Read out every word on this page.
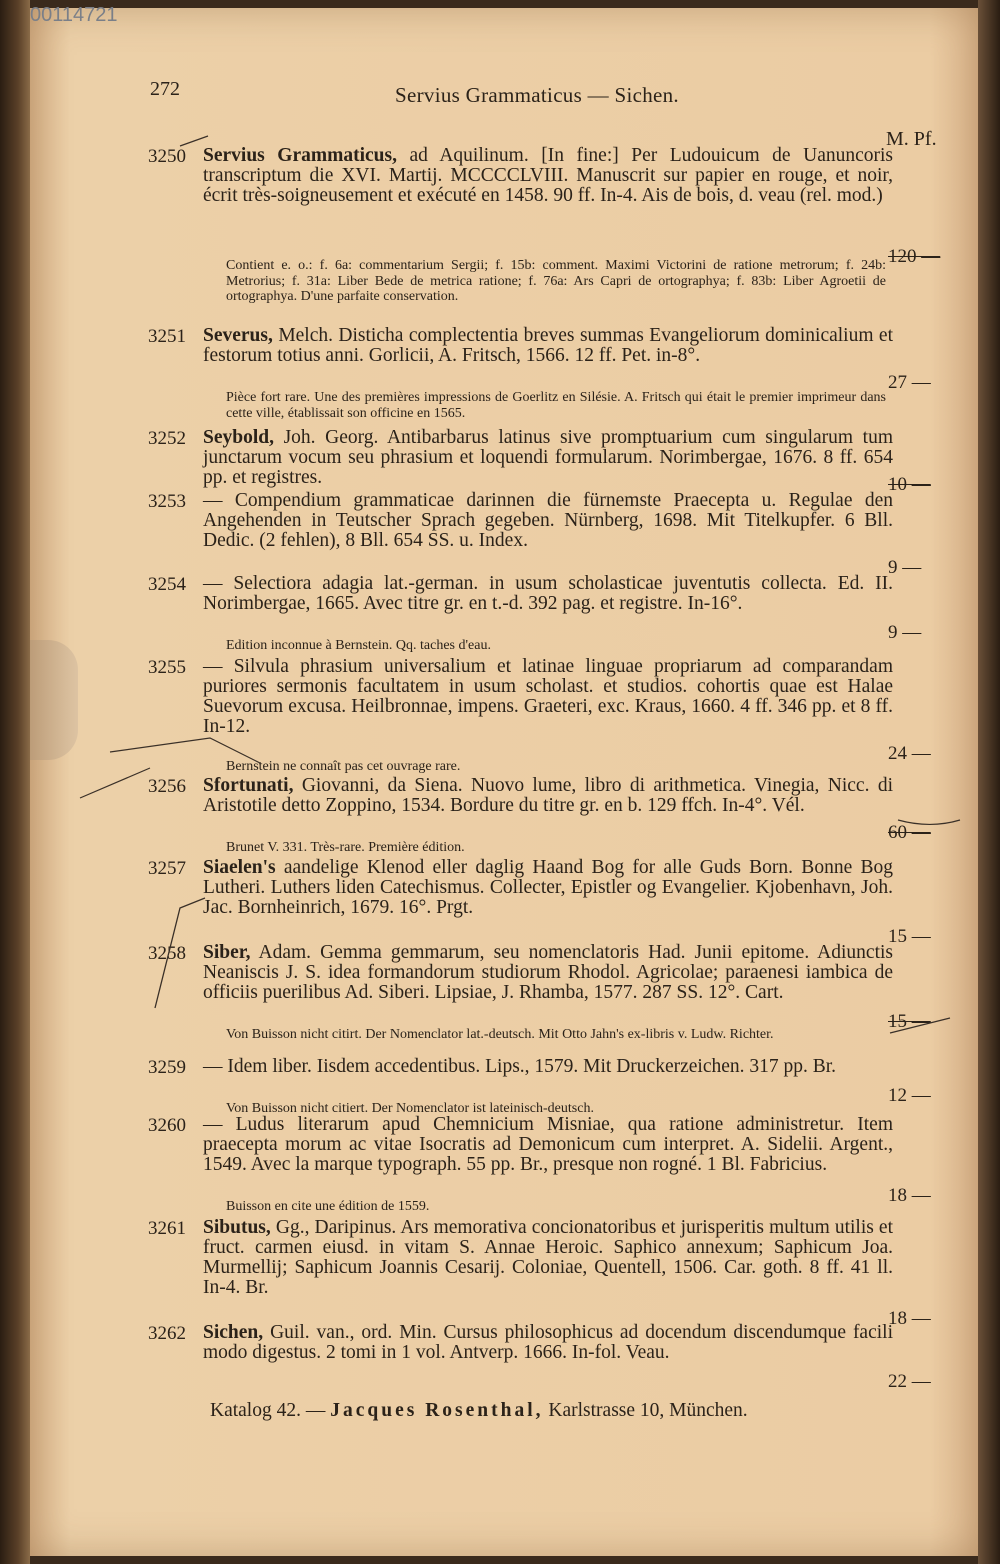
00114721
272	Servius Grammaticus — Sichen.
M. Pf.
3250 Servius Grammaticus, ad Aquilinum. [In fine:] Per Ludouicum de Uanuncoris transcriptum die XVI. Martij. MCCCCLVIII. Manuscrit sur papier en rouge, et noir, écrit très-soigneusement et exécuté en 1458. 90 ff. In-4. Ais de bois, d. veau (rel. mod.)
Contient e. o.: f. 6a: commentarium Sergii; f. 15b: comment. Maximi Victorini de ratione metrorum; f. 24b: Metrorius; f. 31a: Liber Bede de metrica ratione; f. 76a: Ars Capri de ortographya; f. 83b: Liber Agroetii de ortographya. D'une parfaite conservation.
120 —
3251 Severus, Melch. Disticha complectentia breves summas Evangeliorum dominicalium et festorum totius anni. Gorlicii, A. Fritsch, 1566. 12 ff. Pet. in-8°.
Pièce fort rare. Une des premières impressions de Goerlitz en Silésie. A. Fritsch qui était le premier imprimeur dans cette ville, établissait son officine en 1565.
27 —
3252 Seybold, Joh. Georg. Antibarbarus latinus sive promptuarium cum singularum tum junctarum vocum seu phrasium et loquendi formularum. Norimbergae, 1676. 8 ff. 654 pp. et registres.	10 —
3253 — Compendium grammaticae darinnen die fürnemste Praecepta u. Regulae den Angehenden in Teutscher Sprach gegeben. Nürnberg, 1698. Mit Titelkupfer. 6 Bll. Dedic. (2 fehlen), 8 Bll. 654 SS. u. Index.
9 —
3254 — Selectiora adagia lat.-german. in usum scholasticae juventutis collecta. Ed. II. Norimbergae, 1665. Avec titre gr. en t.-d. 392 pag. et registre. In-16°.
Edition inconnue à Bernstein. Qq. taches d'eau.
9 —
3255 — Silvula phrasium universalium et latinae linguae propriarum ad comparandam puriores sermonis facultatem in usum scholast. et studios. cohortis quae est Halae Suevorum excusa. Heilbronnae, impens. Graeteri, exc. Kraus, 1660. 4 ff. 346 pp. et 8 ff. In-12.
Bernstein ne connaît pas cet ouvrage rare.
24 —
3256 Sfortunati, Giovanni, da Siena. Nuovo lume, libro di arithmetica. Vinegia, Nicc. di Aristotile detto Zoppino, 1534. Bordure du titre gr. en b. 129 ffch. In-4°. Vél.
Brunet V. 331. Très-rare. Première édition.
60 —
3257 Siaelen's aandelige Klenod eller daglig Haand Bog for alle Guds Born. Bonne Bog Lutheri. Luthers liden Catechismus. Collecter, Epistler og Evangelier. Kjobenhavn, Joh. Jac. Bornheinrich, 1679. 16°. Prgt.
15 —
3258 Siber, Adam. Gemma gemmarum, seu nomenclatoris Had. Junii epitome. Adiunctis Neaniscis J. S. idea formandorum studiorum Rhodol. Agricolae; paraenesi iambica de officiis puerilibus Ad. Siberi. Lipsiae, J. Rhamba, 1577. 287 SS. 12°. Cart.
Von Buisson nicht citirt. Der Nomenclator lat.-deutsch. Mit Otto Jahn's ex-libris v. Ludw. Richter.
15 —
3259 — Idem liber. Iisdem accedentibus. Lips., 1579. Mit Druckerzeichen. 317 pp. Br.
Von Buisson nicht citiert. Der Nomenclator ist lateinisch-deutsch.
12 —
3260 — Ludus literarum apud Chemnicium Misniae, qua ratione administretur. Item praecepta morum ac vitae Isocratis ad Demonicum cum interpret. A. Sidelii. Argent., 1549. Avec la marque typograph. 55 pp. Br., presque non rogné. 1 Bl. Fabricius.
Buisson en cite une édition de 1559.
18 —
3261 Sibutus, Gg., Daripinus. Ars memorativa concionatoribus et jurisperitis multum utilis et fruct. carmen eiusd. in vitam S. Annae Heroic. Saphico annexum; Saphicum Joa. Murmellij; Saphicum Joannis Cesarij. Coloniae, Quentell, 1506. Car. goth. 8 ff. 41 ll. In-4. Br.
18 —
3262 Sichen, Guil. van., ord. Min. Cursus philosophicus ad docendum discendumque facili modo digestus. 2 tomi in 1 vol. Antverp. 1666. In-fol. Veau.
22 —
Katalog 42. — Jacques Rosenthal, Karlstrasse 10, München.
